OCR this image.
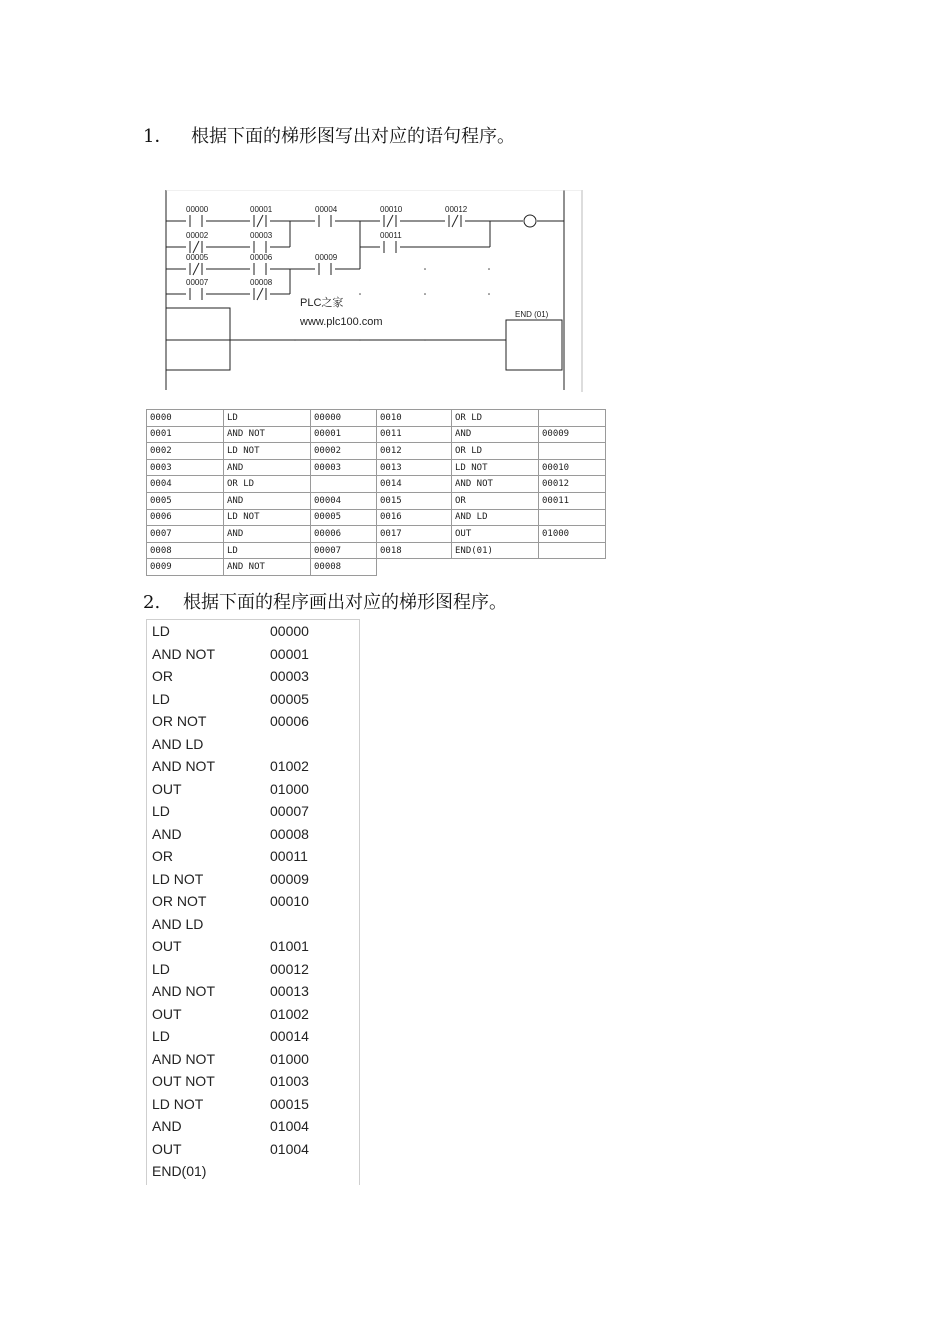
1． 根据下面的梯形图写出对应的语句程序。
00000	00001	00004	00010	00012
00002	00003	00011
00005	00006	00009
00007	00008
PLC之家
www.plc100.com
END (01)
0000	LD	00000	0010	OR LD	
0001	AND NOT	00001	0011	AND	00009
0002	LD NOT	00002	0012	OR LD	
0003	AND	00003	0013	LD NOT	00010
0004	OR LD		0014	AND NOT	00012
0005	AND	00004	0015	OR	00011
0006	LD NOT	00005	0016	AND LD	
0007	AND	00006	0017	OUT	01000
0008	LD	00007	0018	END(01)	
0009	AND NOT	00008			
2. 根据下面的程序画出对应的梯形图程序。
LD	00000
AND NOT	00001
OR	00003
LD	00005
OR NOT	00006
AND LD
AND NOT	01002
OUT	01000
LD	00007
AND	00008
OR	00011
LD NOT	00009
OR NOT	00010
AND LD
OUT	01001
LD	00012
AND NOT	00013
OUT	01002
LD	00014
AND NOT	01000
OUT NOT	01003
LD NOT	00015
AND	01004
OUT	01004
END(01)
